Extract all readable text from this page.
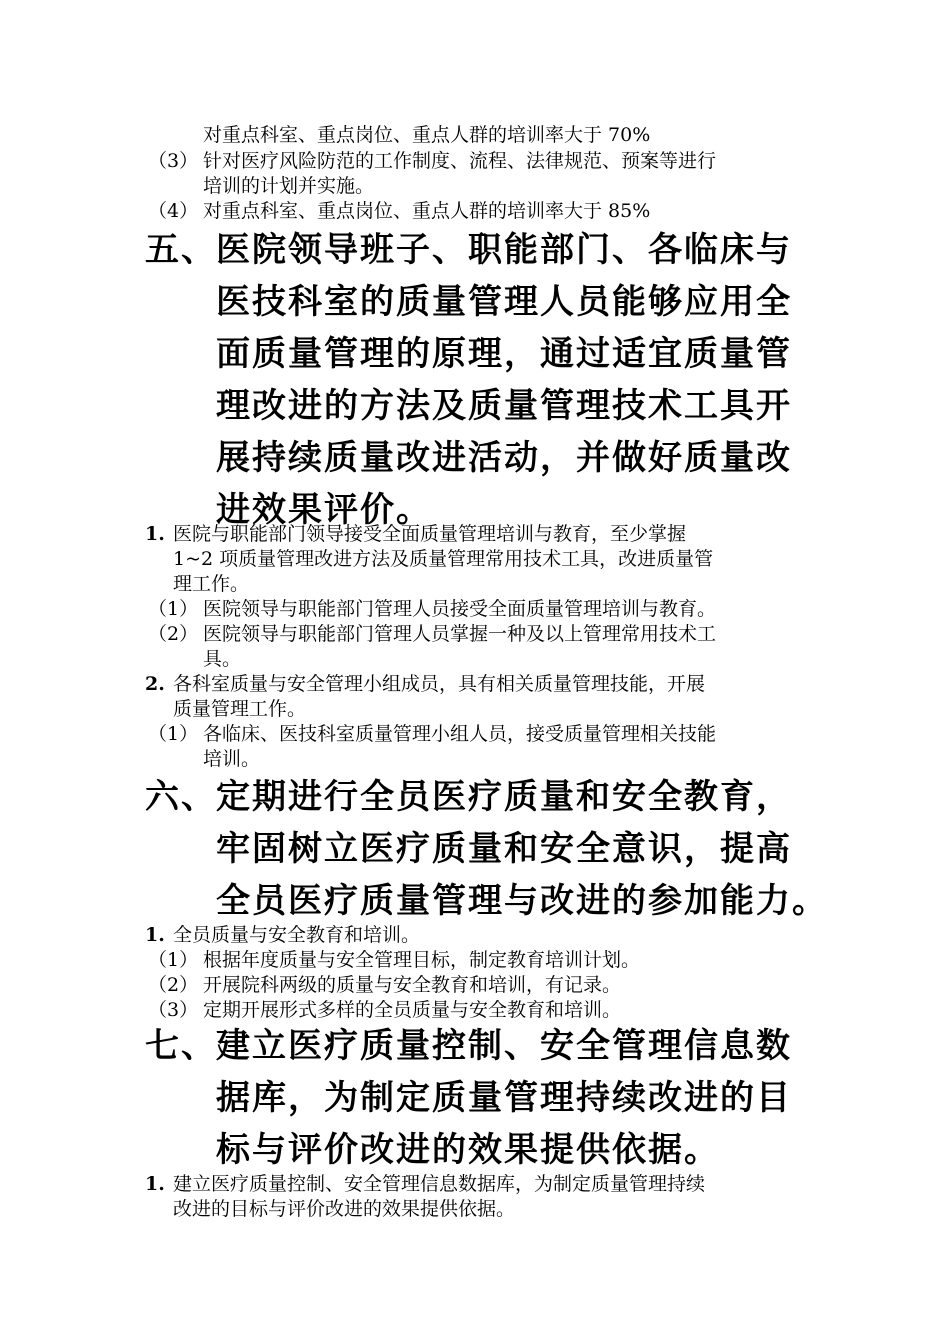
对重点科室、重点岗位、重点人群的培训率大于 70%
（3） 针对医疗风险防范的工作制度、流程、法律规范、预案等进行
培训的计划并实施。
（4） 对重点科室、重点岗位、重点人群的培训率大于 85%
五、 医院领导班子、职能部门、各临床与
医技科室的质量管理人员能够应用全
面质量管理的原理，通过适宜质量管
理改进的方法及质量管理技术工具开
展持续质量改进活动，并做好质量改
进效果评价。
1. 医院与职能部门领导接受全面质量管理培训与教育，至少掌握
1~2 项质量管理改进方法及质量管理常用技术工具，改进质量管
理工作。
（1） 医院领导与职能部门管理人员接受全面质量管理培训与教育。
（2） 医院领导与职能部门管理人员掌握一种及以上管理常用技术工
具。
2. 各科室质量与安全管理小组成员，具有相关质量管理技能，开展
质量管理工作。
（1） 各临床、医技科室质量管理小组人员，接受质量管理相关技能
培训。
六、 定期进行全员医疗质量和安全教育，
牢固树立医疗质量和安全意识，提高
全员医疗质量管理与改进的参加能力。
1. 全员质量与安全教育和培训。
（1） 根据年度质量与安全管理目标，制定教育培训计划。
（2） 开展院科两级的质量与安全教育和培训，有记录。
（3） 定期开展形式多样的全员质量与安全教育和培训。
七、 建立医疗质量控制、安全管理信息数
据库，为制定质量管理持续改进的目
标与评价改进的效果提供依据。
1. 建立医疗质量控制、安全管理信息数据库，为制定质量管理持续
改进的目标与评价改进的效果提供依据。
